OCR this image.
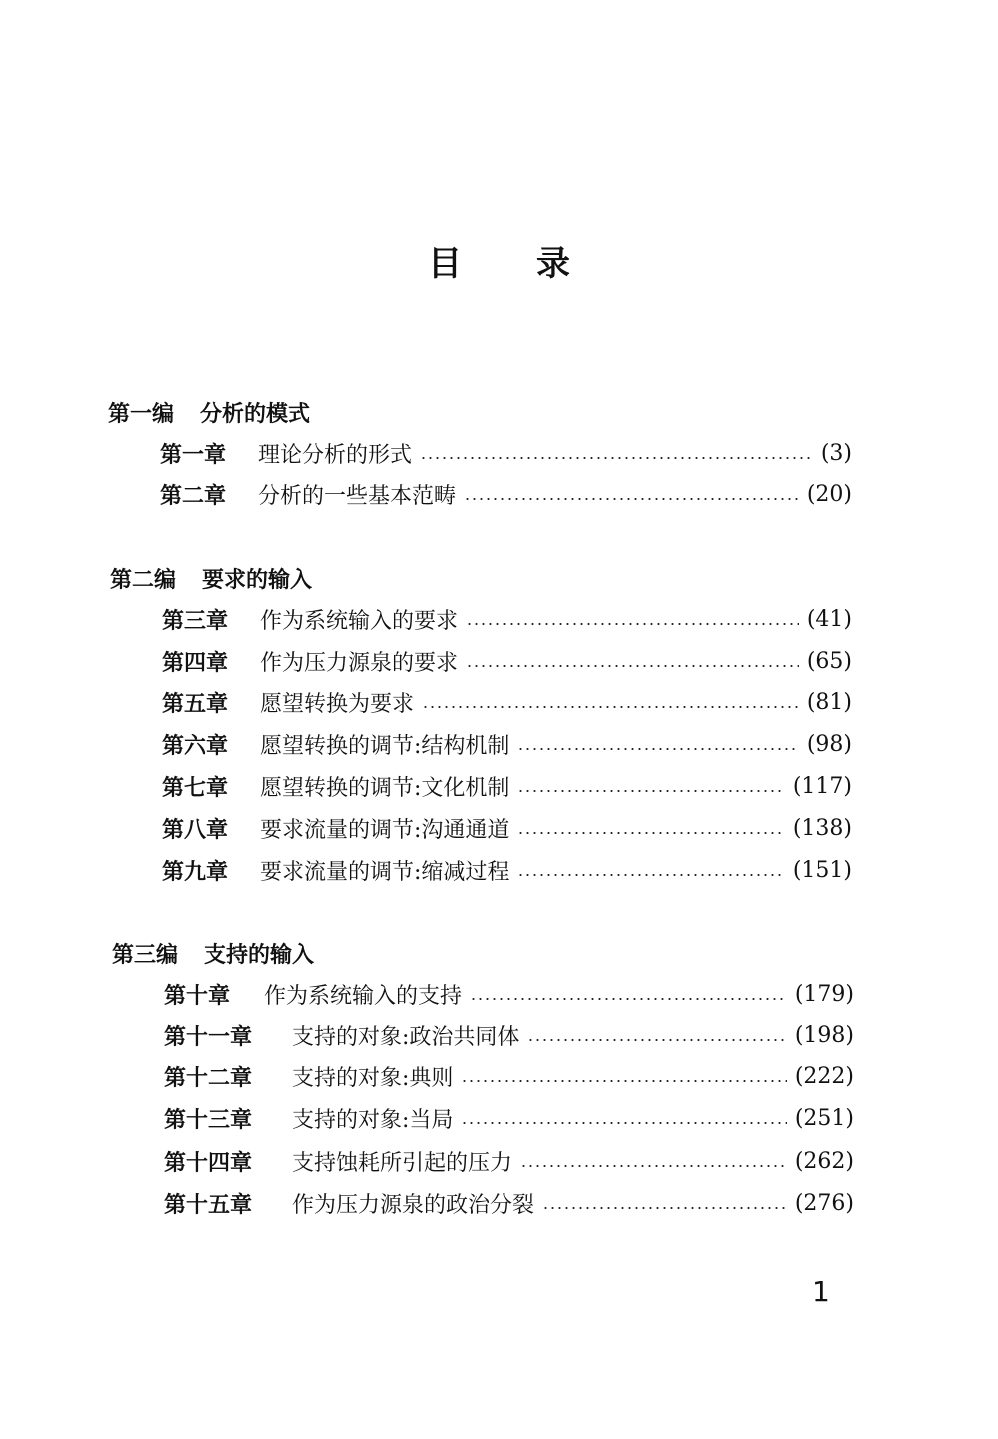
目录
第一编 分析的模式
第一章	理论分析的形式	(3)
第二章	分析的一些基本范畴	(20)
第二编 要求的输入
第三章	作为系统输入的要求	(41)
第四章	作为压力源泉的要求	(65)
第五章	愿望转换为要求	(81)
第六章	愿望转换的调节:结构机制	(98)
第七章	愿望转换的调节:文化机制	(117)
第八章	要求流量的调节:沟通通道	(138)
第九章	要求流量的调节:缩减过程	(151)
第三编 支持的输入
第十章	作为系统输入的支持	(179)
第十一章	支持的对象:政治共同体	(198)
第十二章	支持的对象:典则	(222)
第十三章	支持的对象:当局	(251)
第十四章	支持蚀耗所引起的压力	(262)
第十五章	作为压力源泉的政治分裂	(276)
1
